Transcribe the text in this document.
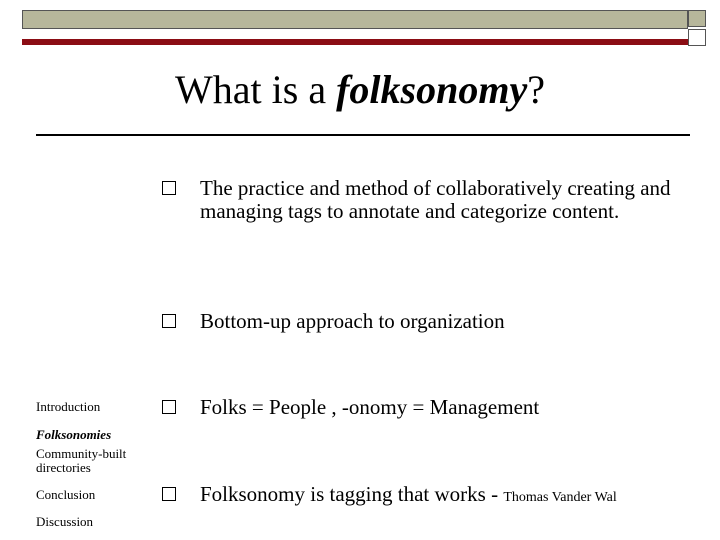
What is a folksonomy?
The practice and method of collaboratively creating and managing tags to annotate and categorize content.
Bottom-up approach to organization
Folks = People , -onomy = Management
Folksonomy is tagging that works - Thomas Vander Wal
Introduction
Folksonomies
Community-built directories
Conclusion
Discussion
